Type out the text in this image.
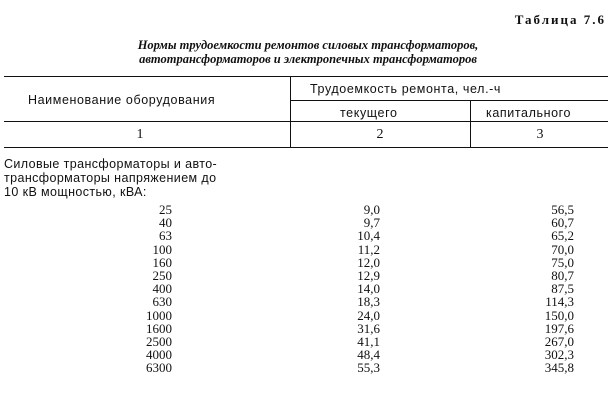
Таблица 7.6
Нормы трудоемкости ремонтов силовых трансформаторов,
автотрансформаторов и электропечных трансформаторов
Наименование оборудования
Трудоемкость ремонта, чел.-ч
текущего	капитального
1	2	3
Силовые трансформаторы и авто-
трансформаторы напряжением до
10 кВ мощностью, кВА:
25	9,0	56,5
40	9,7	60,7
63	10,4	65,2
100	11,2	70,0
160	12,0	75,0
250	12,9	80,7
400	14,0	87,5
630	18,3	114,3
1000	24,0	150,0
1600	31,6	197,6
2500	41,1	267,0
4000	48,4	302,3
6300	55,3	345,8
